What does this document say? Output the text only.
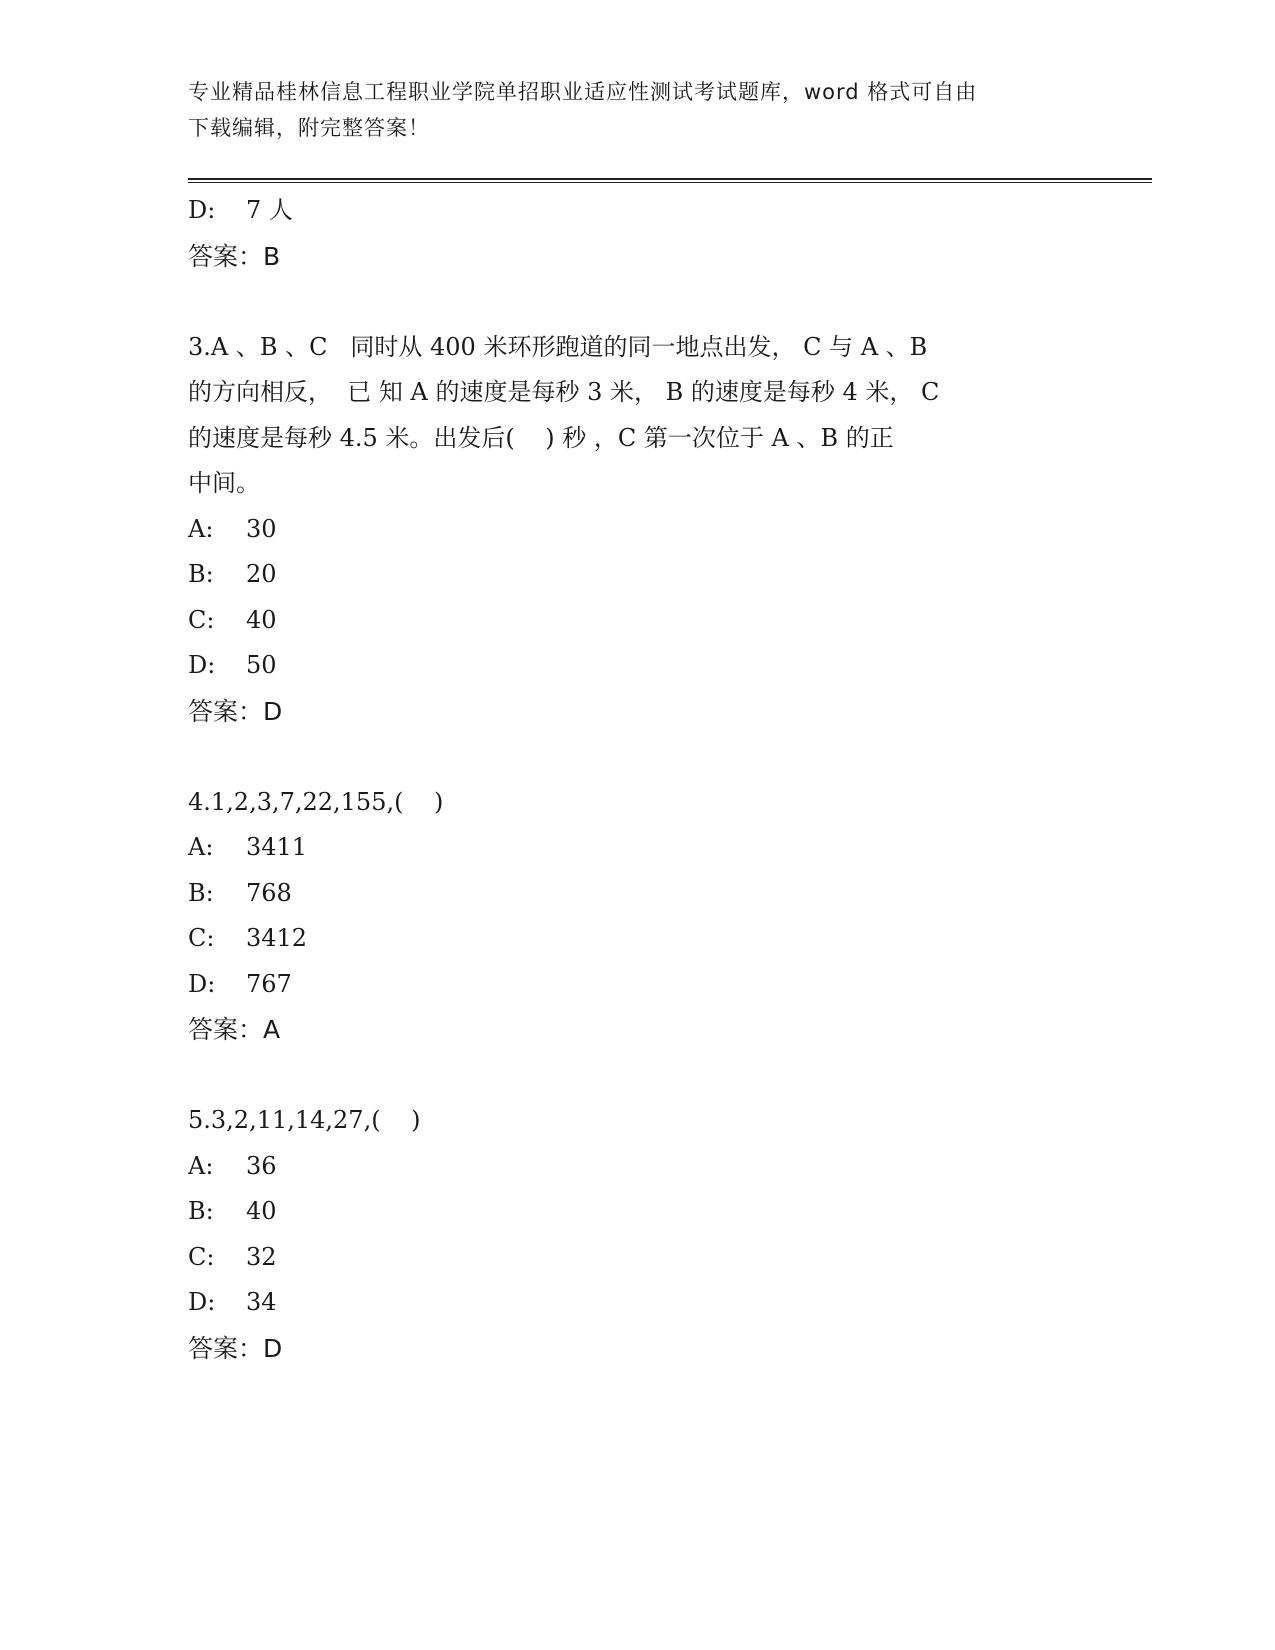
专业精品桂林信息工程职业学院单招职业适应性测试考试题库，word 格式可自由
下载编辑，附完整答案！
D:	7 人
答案：B
3.A 、B 、C   同时从 400 米环形跑道的同一地点出发， C 与 A 、B
的方向相反，  已 知 A 的速度是每秒 3 米， B 的速度是每秒 4 米， C
的速度是每秒 4.5 米。出发后(    ) 秒 ，C 第一次位于 A 、B 的正
中间。
A:	30
B:	20
C:	40
D:	50
答案：D
4.1,2,3,7,22,155,(    )
A:	3411
B:	768
C:	3412
D:	767
答案：A
5.3,2,11,14,27,(    )
A:	36
B:	40
C:	32
D:	34
答案：D
